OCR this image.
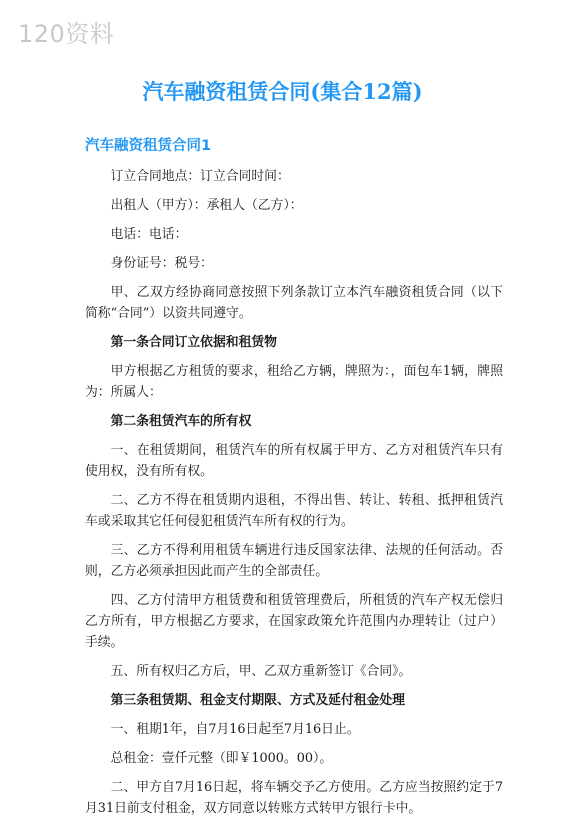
120资料
汽车融资租赁合同(集合12篇)
汽车融资租赁合同1

订立合同地点：订立合同时间：

出租人（甲方）：承租人（乙方）：

电话：电话：

身份证号：税号：

甲、乙双方经协商同意按照下列条款订立本汽车融资租赁合同（以下简称“合同”）以资共同遵守。

第一条合同订立依据和租赁物

甲方根据乙方租赁的要求，租给乙方辆，牌照为：，面包车1辆，牌照为：所属人：

第二条租赁汽车的所有权

一、在租赁期间，租赁汽车的所有权属于甲方、乙方对租赁汽车只有使用权，没有所有权。

二、乙方不得在租赁期内退租，不得出售、转让、转租、抵押租赁汽车或采取其它任何侵犯租赁汽车所有权的行为。

三、乙方不得利用租赁车辆进行违反国家法律、法规的任何活动。否则，乙方必须承担因此而产生的全部责任。

四、乙方付清甲方租赁费和租赁管理费后，所租赁的汽车产权无偿归乙方所有，甲方根据乙方要求，在国家政策允许范围内办理转让（过户）手续。

五、所有权归乙方后，甲、乙双方重新签订《合同》。

第三条租赁期、租金支付期限、方式及延付租金处理

一、租期1年，自7月16日起至7月16日止。

总租金：壹仟元整（即￥1000。00）。

二、甲方自7月16日起，将车辆交予乙方使用。乙方应当按照约定于7月31日前支付租金，双方同意以转账方式转甲方银行卡中。
